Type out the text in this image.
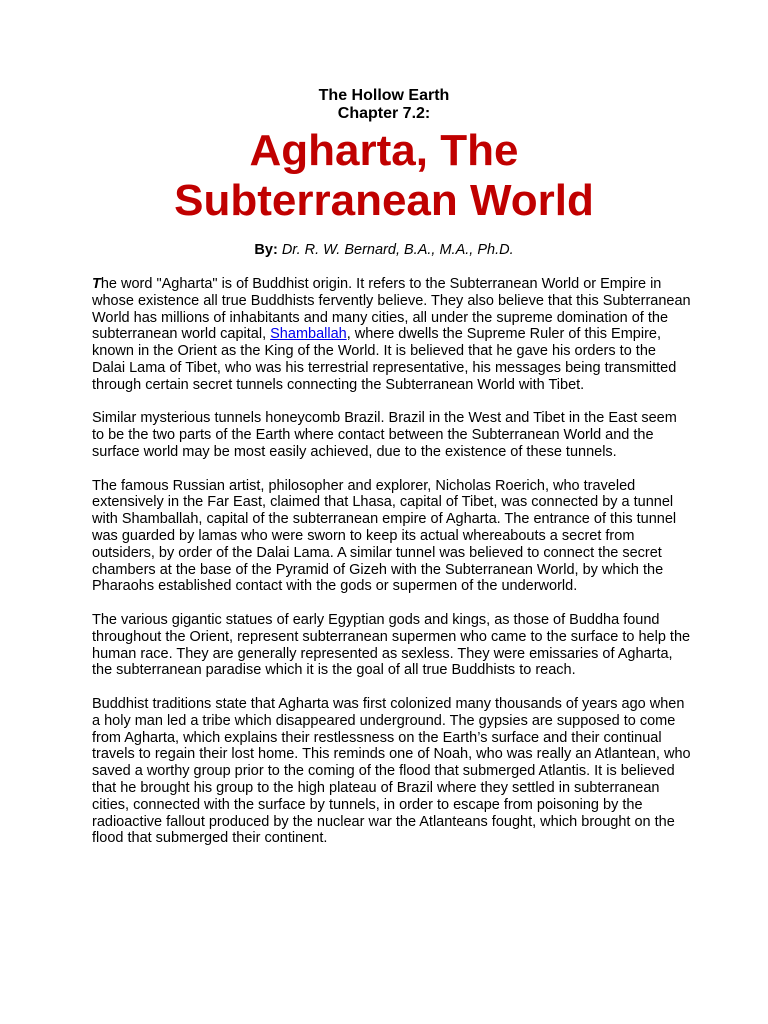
The Hollow Earth
Chapter 7.2:
Agharta, The
Subterranean World
By: Dr. R. W. Bernard, B.A., M.A., Ph.D.

The word "Agharta" is of Buddhist origin. It refers to the Subterranean World or Empire in whose existence all true Buddhists fervently believe. They also believe that this Subterranean World has millions of inhabitants and many cities, all under the supreme domination of the subterranean world capital, Shamballah, where dwells the Supreme Ruler of this Empire, known in the Orient as the King of the World. It is believed that he gave his orders to the Dalai Lama of Tibet, who was his terrestrial representative, his messages being transmitted through certain secret tunnels connecting the Subterranean World with Tibet.

Similar mysterious tunnels honeycomb Brazil. Brazil in the West and Tibet in the East seem to be the two parts of the Earth where contact between the Subterranean World and the surface world may be most easily achieved, due to the existence of these tunnels.

The famous Russian artist, philosopher and explorer, Nicholas Roerich, who traveled extensively in the Far East, claimed that Lhasa, capital of Tibet, was connected by a tunnel with Shamballah, capital of the subterranean empire of Agharta. The entrance of this tunnel was guarded by lamas who were sworn to keep its actual whereabouts a secret from outsiders, by order of the Dalai Lama. A similar tunnel was believed to connect the secret chambers at the base of the Pyramid of Gizeh with the Subterranean World, by which the Pharaohs established contact with the gods or supermen of the underworld.

The various gigantic statues of early Egyptian gods and kings, as those of Buddha found throughout the Orient, represent subterranean supermen who came to the surface to help the human race. They are generally represented as sexless. They were emissaries of Agharta, the subterranean paradise which it is the goal of all true Buddhists to reach.

Buddhist traditions state that Agharta was first colonized many thousands of years ago when a holy man led a tribe which disappeared underground. The gypsies are supposed to come from Agharta, which explains their restlessness on the Earth’s surface and their continual travels to regain their lost home. This reminds one of Noah, who was really an Atlantean, who saved a worthy group prior to the coming of the flood that submerged Atlantis. It is believed that he brought his group to the high plateau of Brazil where they settled in subterranean cities, connected with the surface by tunnels, in order to escape from poisoning by the radioactive fallout produced by the nuclear war the Atlanteans fought, which brought on the flood that submerged their continent.
